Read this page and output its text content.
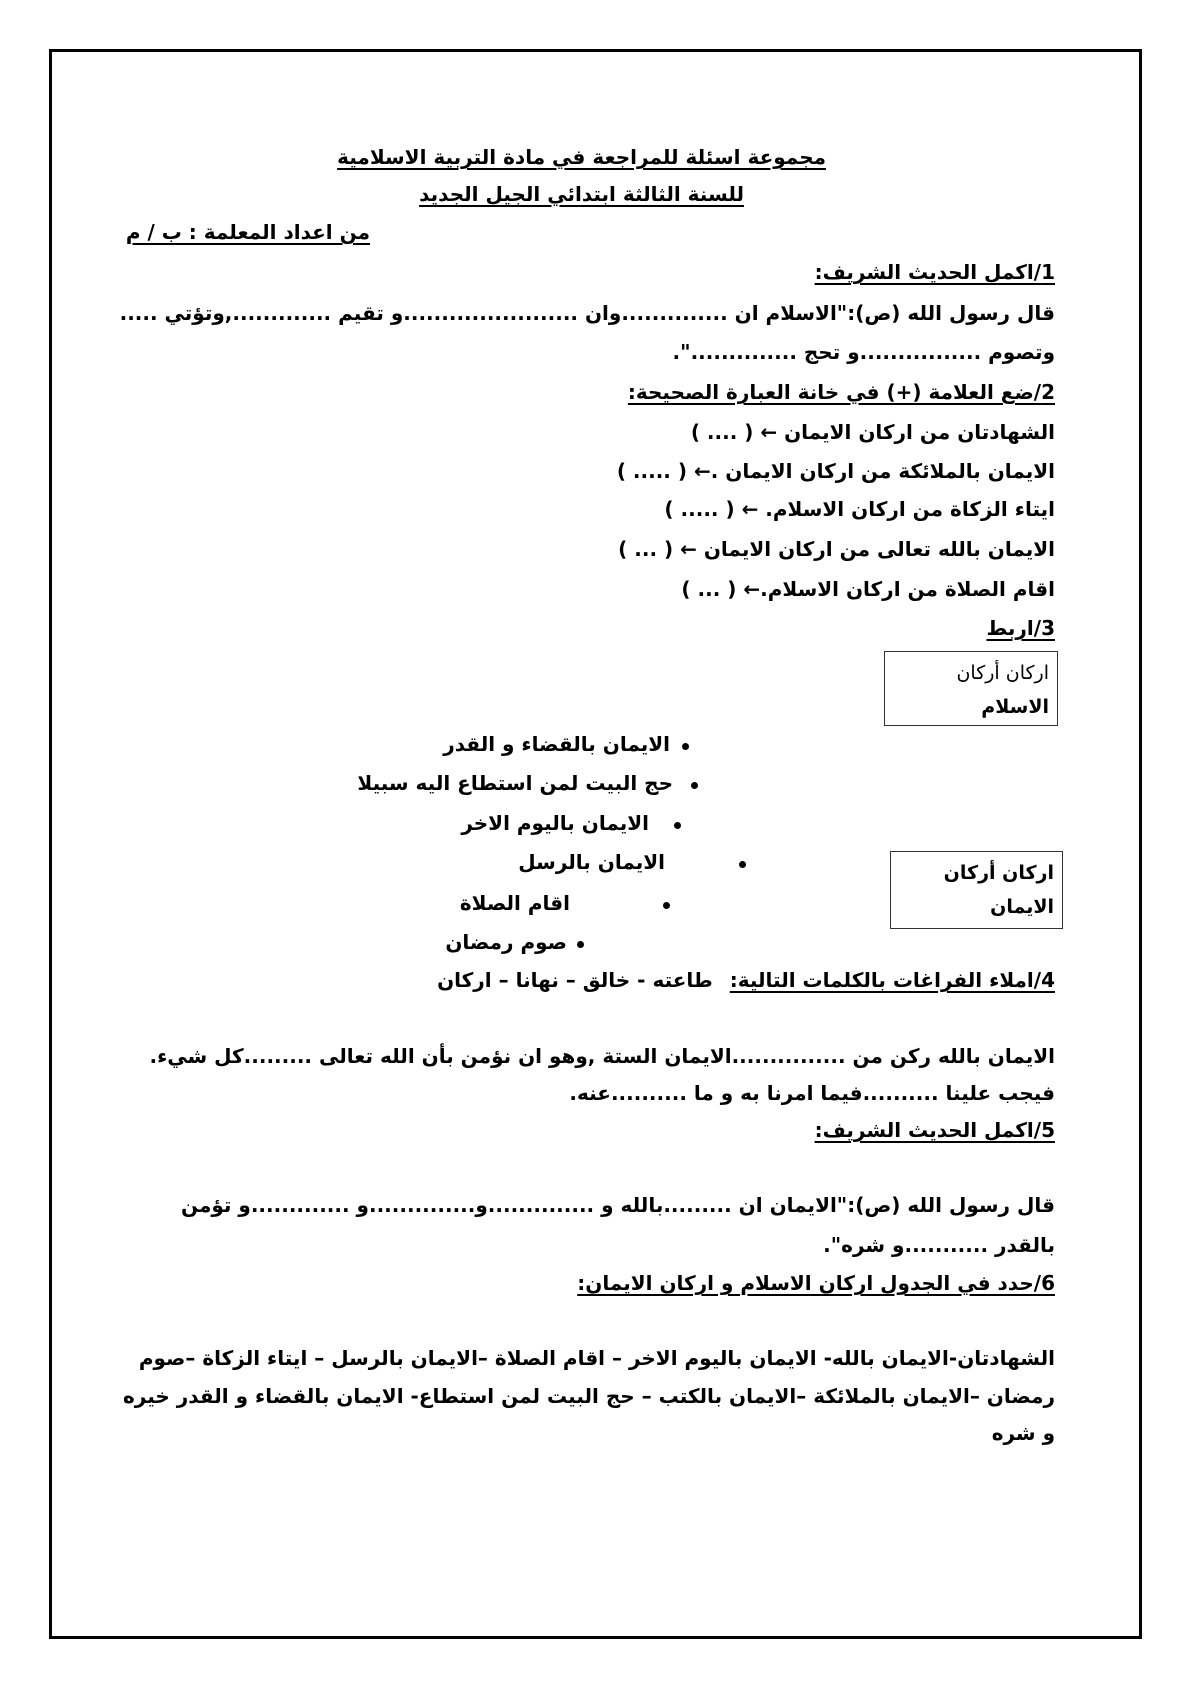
مجموعة اسئلة للمراجعة في مادة التربية الاسلامية
للسنة الثالثة ابتدائي الجيل الجديد
من اعداد المعلمة : ب / م
1/اكمل الحديث الشريف:
قال رسول الله (ص):"الاسلام ان ..............وان .......................و تقيم .............,وتؤتي .....
وتصوم ................و تحج ..............".
2/ضع العلامة (+) في خانة العبارة الصحيحة:
الشهادتان من اركان الايمان ← ( .... )
الايمان بالملائكة من اركان الايمان .← ( ..... )
ايتاء الزكاة من اركان الاسلام. ← ( ..... )
الايمان بالله تعالى من اركان الايمان ← ( ... )
اقام الصلاة من اركان الاسلام.← ( ... )
3/اربط
اركان أركان
الاسلام
اركان أركان
الايمان
الايمان بالقضاء و القدر
حج البيت لمن استطاع اليه سبيلا
الايمان باليوم الاخر
الايمان بالرسل
اقام الصلاة
صوم رمضان
4/املاء الفراغات بالكلمات التالية: طاعته - خالق – نهانا – اركان
الايمان بالله ركن من ...............الايمان الستة ,وهو ان نؤمن بأن الله تعالى .........كل شيء.
فيجب علينا ..........فيما امرنا به و ما ..........عنه.
5/اكمل الحديث الشريف:
قال رسول الله (ص):"الايمان ان .........بالله و ..............و..............و .............و تؤمن
بالقدر ...........و شره".
6/حدد في الجدول اركان الاسلام و اركان الايمان:
الشهادتان-الايمان بالله- الايمان باليوم الاخر – اقام الصلاة –الايمان بالرسل – ايتاء الزكاة –صوم
رمضان –الايمان بالملائكة –الايمان بالكتب – حج البيت لمن استطاع- الايمان بالقضاء و القدر خيره
و شره
